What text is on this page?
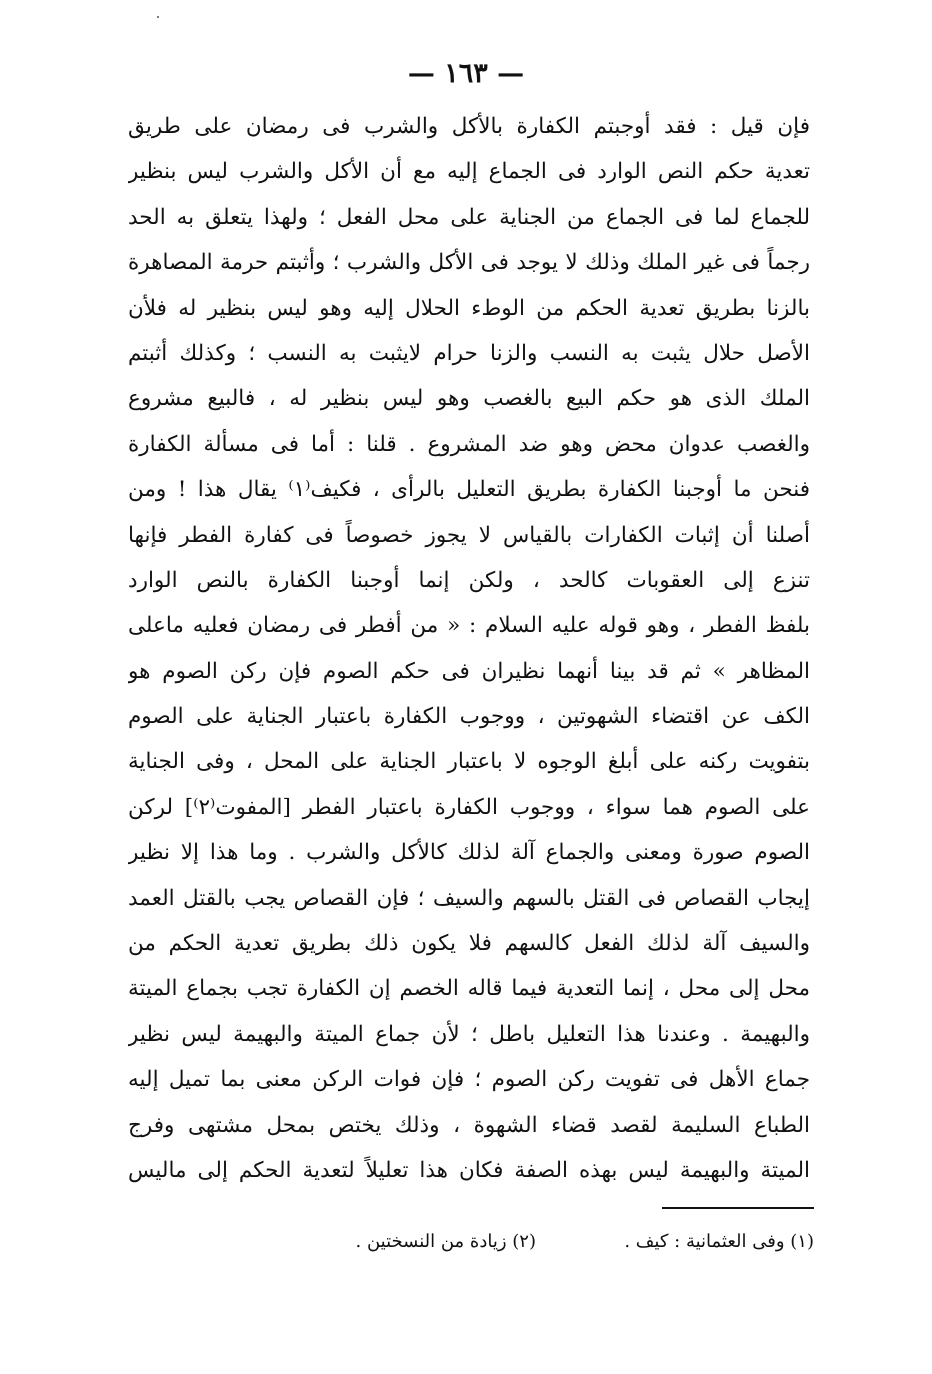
— ١٦٣ —
فإن قيل : فقد أوجبتم الكفارة بالأكل والشرب فى رمضان على طريق
تعدية حكم النص الوارد فى الجماع إليه مع أن الأكل والشرب ليس بنظير
للجماع لما فى الجماع من الجناية على محل الفعل ؛ ولهذا يتعلق به الحد
رجماً فى غير الملك وذلك لا يوجد فى الأكل والشرب ؛ وأثبتم حرمة المصاهرة
بالزنا بطريق تعدية الحكم من الوطء الحلال إليه وهو ليس بنظير له فلأن
الأصل حلال يثبت به النسب والزنا حرام لايثبت به النسب ؛ وكذلك أثبتم
الملك الذى هو حكم البيع بالغصب وهو ليس بنظير له ، فالبيع مشروع
والغصب عدوان محض وهو ضد المشروع . قلنا : أما فى مسألة الكفارة
فنحن ما أوجبنا الكفارة بطريق التعليل بالرأى ، فكيف⁽١⁾ يقال هذا ! ومن
أصلنا أن إثبات الكفارات بالقياس لا يجوز خصوصاً فى كفارة الفطر فإنها
تنزع إلى العقوبات كالحد ، ولكن إنما أوجبنا الكفارة بالنص الوارد
بلفظ الفطر ، وهو قوله عليه السلام : « من أفطر فى رمضان فعليه ماعلى
المظاهر » ثم قد بينا أنهما نظيران فى حكم الصوم فإن ركن الصوم هو
الكف عن اقتضاء الشهوتين ، ووجوب الكفارة باعتبار الجناية على الصوم
بتفويت ركنه على أبلغ الوجوه لا باعتبار الجناية على المحل ، وفى الجناية
على الصوم هما سواء ، ووجوب الكفارة باعتبار الفطر [المفوت⁽٢⁾] لركن
الصوم صورة ومعنى والجماع آلة لذلك كالأكل والشرب . وما هذا إلا نظير
إيجاب القصاص فى القتل بالسهم والسيف ؛ فإن القصاص يجب بالقتل العمد
والسيف آلة لذلك الفعل كالسهم فلا يكون ذلك بطريق تعدية الحكم من
محل إلى محل ، إنما التعدية فيما قاله الخصم إن الكفارة تجب بجماع الميتة
والبهيمة . وعندنا هذا التعليل باطل ؛ لأن جماع الميتة والبهيمة ليس نظير
جماع الأهل فى تفويت ركن الصوم ؛ فإن فوات الركن معنى بما تميل إليه
الطباع السليمة لقصد قضاء الشهوة ، وذلك يختص بمحل مشتهى وفرج
الميتة والبهيمة ليس بهذه الصفة فكان هذا تعليلاً لتعدية الحكم إلى ماليس
(١) وفى العثمانية : كيف .
(٢) زيادة من النسختين .
